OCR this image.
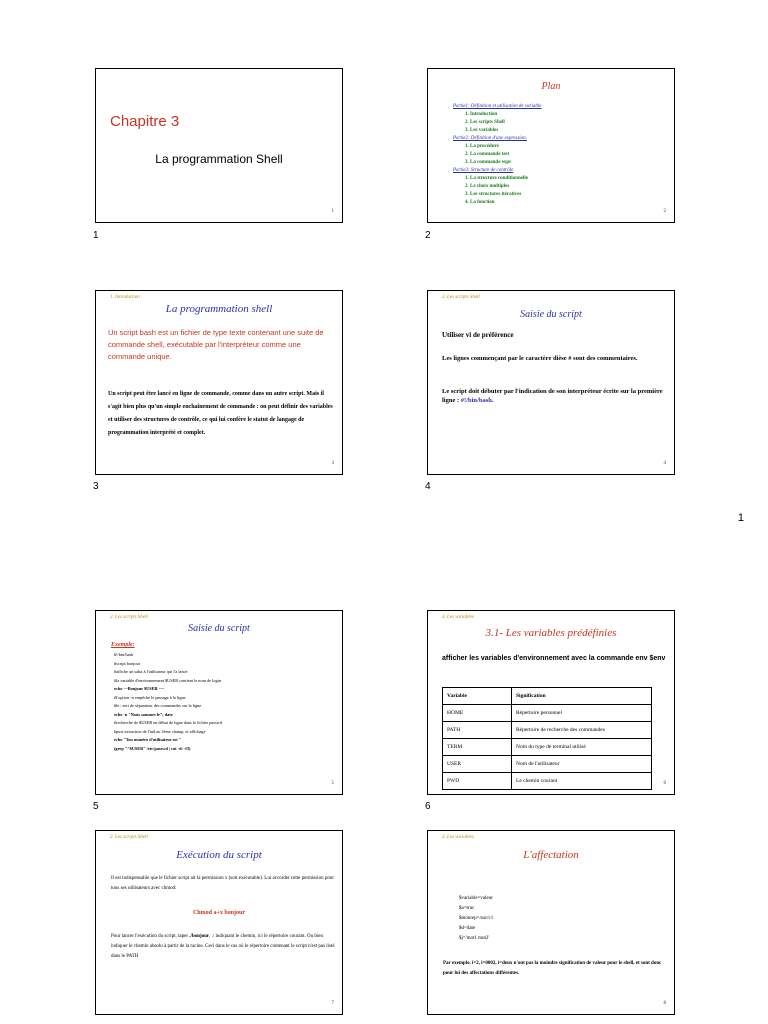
Chapitre 3
La programmation Shell
1
1
Plan
Partie1: Définition et utilisation de variable
1. Introduction
2. Les scripts Shell
3. Les variables
Partie2: Définition d'une expression.
1. La procédure
2. La commande test
3. La commande expr
Partie3: Structure de contrôle
1. La structure conditionnelle
2. Le choix multiples
3. Les structures itératives
4. La fonction
2
2
1. Introduction
La programmation shell
Un script bash est un fichier de type texte contenant une suite de commande shell, exécutable par l'interpréteur comme une commande unique.
Un script peut être lancé en ligne de commande, comme dans un autre script. Mais il s'agit bien plus qu'un simple enchaînement de commande : on peut définir des variables et utiliser des structures de contrôle, ce qui lui confère le statut de langage de programmation interprété et complet.
3
3
2. Les scripts Shell
Saisie du script
Utiliser vi de préférence
Les lignes commençant par le caractère dièse # sont des commentaires.
Le script doit débuter par l'indication de son interpréteur écrite sur la première ligne : #!/bin/bash.
4
4
1
2. Les scripts Shell
Saisie du script
Exemple:
#!/bin/bash
#script bonjour
#affiche un salut à l'utilisateur qui l'a lancé
#la variable d'environnement $USER contient le nom de login
echo ---Bonjour $USER ----
#l'option -n empêche le passage à la ligne
#le ; sert de séparateur des commandes sur la ligne
echo -n "Nous sommes le"; date
#recherche de $USER en début de ligne dans le fichier passwd
#puis extraction de l'uid au 3ème champ, et affichage
echo "Ton numéro d'utilisateur est "
(grep "^$USER" /etc/passwd | cut -d: -f3)
5
5
3. Les variables
3.1- Les variables prédéfinies
afficher les variables d'environnement avec la commande env $env
Variable	Signification
HOME	Répertoire personnel
PATH	Répertoire de recherche des commandes
TERM	Nom du type de terminal utilisé
USER	Nom de l'utilisateur
PWD	Le chemin courant	6
6
2. Les scripts Shell
Exécution du script
Il est indispensable que le fichier script ait la permission x (soit exécutable). Lui accorder cette permission pour tous ses utilisateurs avec chmod:
Chmod a+x bonjour
Pour lancer l'exécution du script, taper ./bonjour, ./ indiquant le chemin, ici le répertoire courant. Ou bien indiquer le chemin absolu à partir de la racine. Ceci dans le cas où le répertoire contenant le script n'est pas listé dans le PATH
7
3. Les variables
L'affectation
$variable=valeur
$a=truc
$monrep=/usr/c1
$d=date
$j='mot1 mot2'
Par exemple, i=2, i=0002, i=deux n'ont pas la moindre signification de valeur pour le shell, et sont donc pour lui des affectations différentes.
8
